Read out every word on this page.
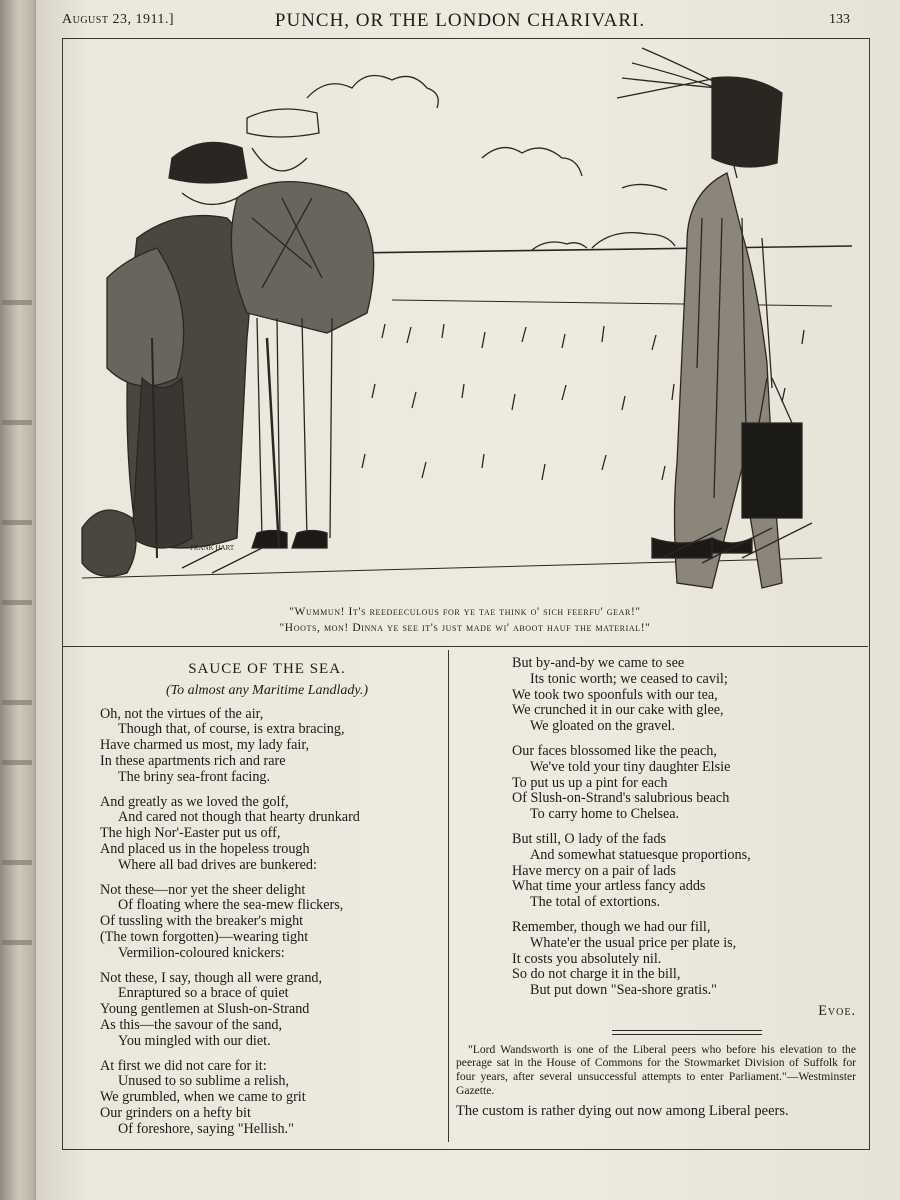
August 23, 1911.]	PUNCH, OR THE LONDON CHARIVARI.	133
FRANK HART
"Wummun! It's reedeeculous for ye tae think o' sich feerfu' gear!"
"Hoots, mon! Dinna ye see it's just made wi' aboot hauf the material!"
SAUCE OF THE SEA.
(To almost any Maritime Landlady.)
Oh, not the virtues of the air,
Though that, of course, is extra bracing,
Have charmed us most, my lady fair,
In these apartments rich and rare
The briny sea-front facing.
And greatly as we loved the golf,
And cared not though that hearty drunkard
The high Nor'-Easter put us off,
And placed us in the hopeless trough
Where all bad drives are bunkered:
Not these—nor yet the sheer delight
Of floating where the sea-mew flickers,
Of tussling with the breaker's might
(The town forgotten)—wearing tight
Vermilion-coloured knickers:
Not these, I say, though all were grand,
Enraptured so a brace of quiet
Young gentlemen at Slush-on-Strand
As this—the savour of the sand,
You mingled with our diet.
At first we did not care for it:
Unused to so sublime a relish,
We grumbled, when we came to grit
Our grinders on a hefty bit
Of foreshore, saying "Hellish."
But by-and-by we came to see
Its tonic worth; we ceased to cavil;
We took two spoonfuls with our tea,
We crunched it in our cake with glee,
We gloated on the gravel.
Our faces blossomed like the peach,
We've told your tiny daughter Elsie
To put us up a pint for each
Of Slush-on-Strand's salubrious beach
To carry home to Chelsea.
But still, O lady of the fads
And somewhat statuesque proportions,
Have mercy on a pair of lads
What time your artless fancy adds
The total of extortions.
Remember, though we had our fill,
Whate'er the usual price per plate is,
It costs you absolutely nil.
So do not charge it in the bill,
But put down "Sea-shore gratis."
Evoe.
"Lord Wandsworth is one of the Liberal peers who before his elevation to the peerage sat in the House of Commons for the Stowmarket Division of Suffolk for four years, after several unsuccessful attempts to enter Parliament."—Westminster Gazette.
The custom is rather dying out now among Liberal peers.
